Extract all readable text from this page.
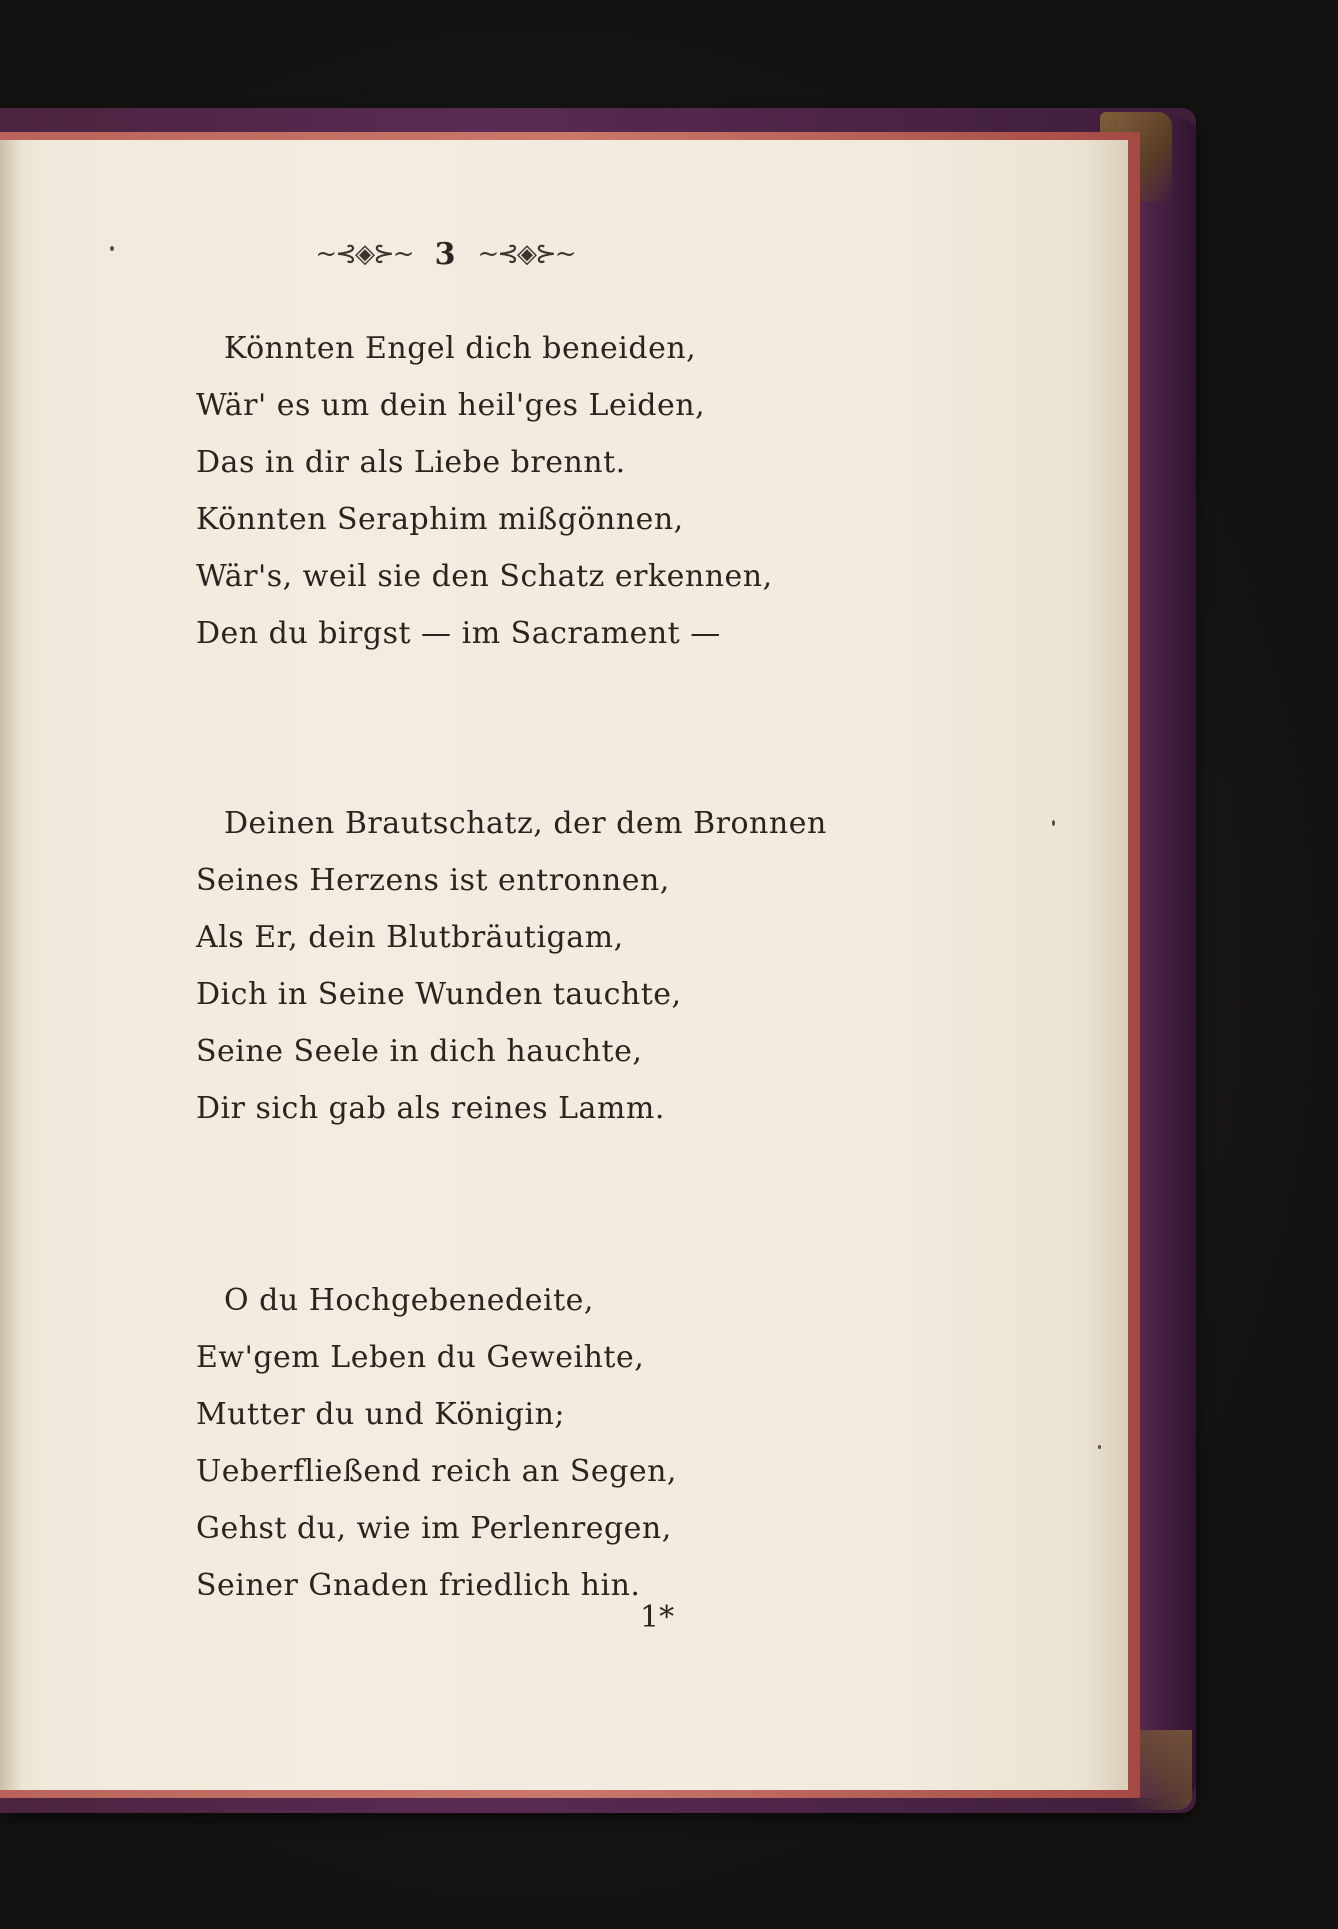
~⊰◈⊱~ 3 ~⊰◈⊱~
Könnten Engel dich beneiden,
Wär' es um dein heil'ges Leiden,
Das in dir als Liebe brennt.
Könnten Seraphim mißgönnen,
Wär's, weil sie den Schatz erkennen,
Den du birgst — im Sacrament —
Deinen Brautschatz, der dem Bronnen
Seines Herzens ist entronnen,
Als Er, dein Blutbräutigam,
Dich in Seine Wunden tauchte,
Seine Seele in dich hauchte,
Dir sich gab als reines Lamm.
O du Hochgebenedeite,
Ew'gem Leben du Geweihte,
Mutter du und Königin;
Ueberfließend reich an Segen,
Gehst du, wie im Perlenregen,
Seiner Gnaden friedlich hin.
1*
